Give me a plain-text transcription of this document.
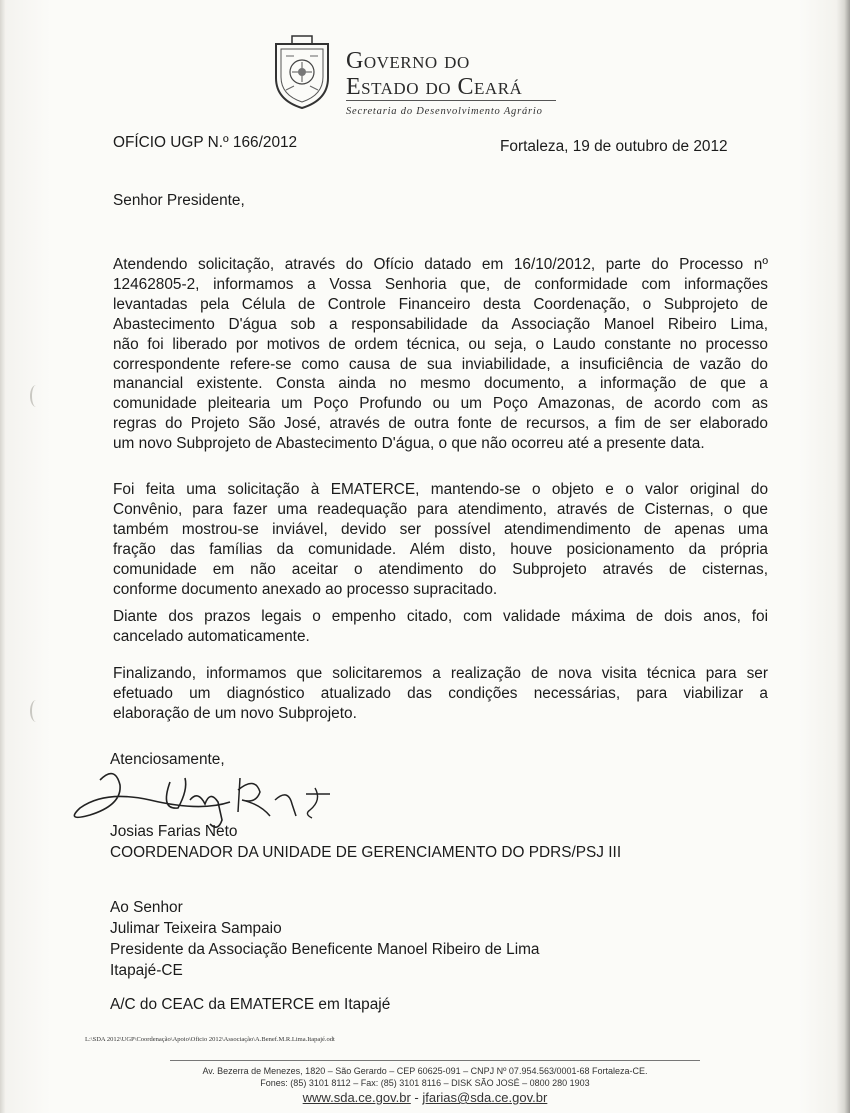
Governo do
Estado do Ceará
Secretaria do Desenvolvimento Agrário
OFÍCIO UGP N.º 166/2012	Fortaleza, 19 de outubro de 2012
Senhor Presidente,
Atendendo solicitação, através do Ofício datado em 16/10/2012, parte do Processo nº
12462805-2, informamos a Vossa Senhoria que, de conformidade com informações
levantadas pela Célula de Controle Financeiro desta Coordenação, o Subprojeto de
Abastecimento D'água sob a responsabilidade da Associação Manoel Ribeiro Lima,
não foi liberado por motivos de ordem técnica, ou seja, o Laudo constante no processo
correspondente refere-se como causa de sua inviabilidade, a insuficiência de vazão do
manancial existente. Consta ainda no mesmo documento, a informação de que a
comunidade pleitearia um Poço Profundo ou um Poço Amazonas, de acordo com as
regras do Projeto São José, através de outra fonte de recursos, a fim de ser elaborado
um novo Subprojeto de Abastecimento D'água, o que não ocorreu até a presente data.
Foi feita uma solicitação à EMATERCE, mantendo-se o objeto e o valor original do
Convênio, para fazer uma readequação para atendimento, através de Cisternas, o que
também mostrou-se inviável, devido ser possível atendimendimento de apenas uma
fração das famílias da comunidade. Além disto, houve posicionamento da própria
comunidade em não aceitar o atendimento do Subprojeto através de cisternas,
conforme documento anexado ao processo supracitado.
Diante dos prazos legais o empenho citado, com validade máxima de dois anos, foi
cancelado automaticamente.
Finalizando, informamos que solicitaremos a realização de nova visita técnica para ser
efetuado um diagnóstico atualizado das condições necessárias, para viabilizar a
elaboração de um novo Subprojeto.
Atenciosamente,
Josias Farias Neto
COORDENADOR DA UNIDADE DE GERENCIAMENTO DO PDRS/PSJ III
Ao Senhor
Julimar Teixeira Sampaio
Presidente da Associação Beneficente Manoel Ribeiro de Lima
Itapajé-CE
A/C do CEAC da EMATERCE em Itapajé
L:\SDA 2012\UGP\Coordenação\Apoio\Oficio 2012\Associação\A.Benef.M.R.Lima.Itapajé.odt
Av. Bezerra de Menezes, 1820 – São Gerardo – CEP 60625-091 – CNPJ Nº 07.954.563/0001-68 Fortaleza-CE.
Fones: (85) 3101 8112 – Fax: (85) 3101 8116 – DISK SÃO JOSÉ – 0800 280 1903
www.sda.ce.gov.br - jfarias@sda.ce.gov.br
